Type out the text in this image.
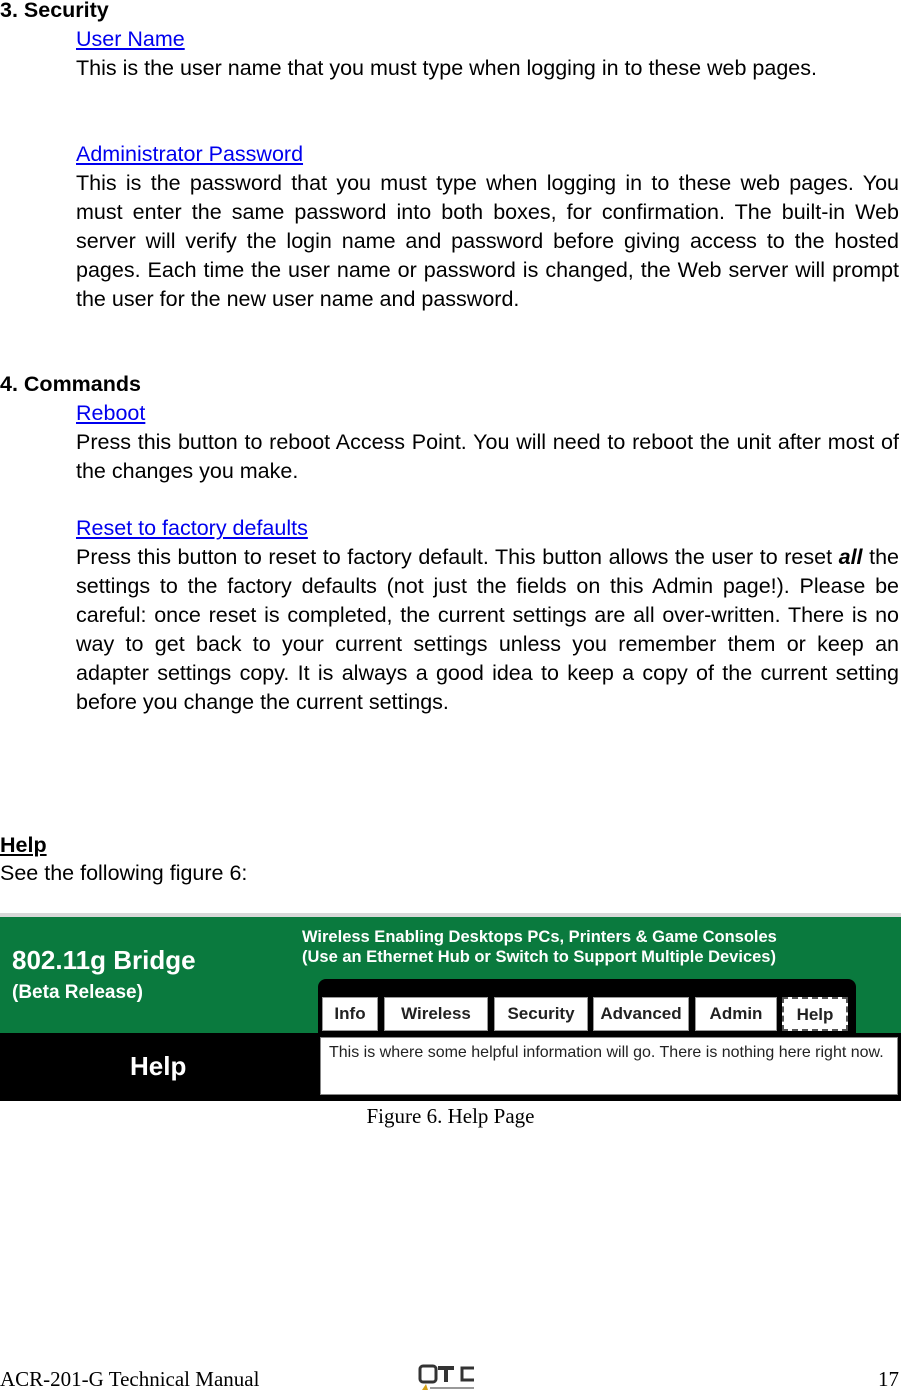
3. Security
User Name
This is the user name that you must type when logging in to these web pages.
Administrator Password
This is the password that you must type when logging in to these web pages. You must enter the same password into both boxes, for confirmation. The built-in Web server will verify the login name and password before giving access to the hosted pages. Each time the user name or password is changed, the Web server will prompt the user for the new user name and password.
4. Commands
Reboot
Press this button to reboot Access Point. You will need to reboot the unit after most of the changes you make.
Reset to factory defaults
Press this button to reset to factory default. This button allows the user to reset all the settings to the factory defaults (not just the fields on this Admin page!). Please be careful: once reset is completed, the current settings are all over-written. There is no way to get back to your current settings unless you remember them or keep an adapter settings copy. It is always a good idea to keep a copy of the current setting before you change the current settings.
Help
See the following figure 6:
802.11g Bridge
(Beta Release)
Wireless Enabling Desktops PCs, Printers & Game Consoles
(Use an Ethernet Hub or Switch to Support Multiple Devices)
Info	Wireless	Security	Advanced	Admin	Help
Help	This is where some helpful information will go. There is nothing here right now.
Figure 6. Help Page
ACR-201-G Technical Manual	17
